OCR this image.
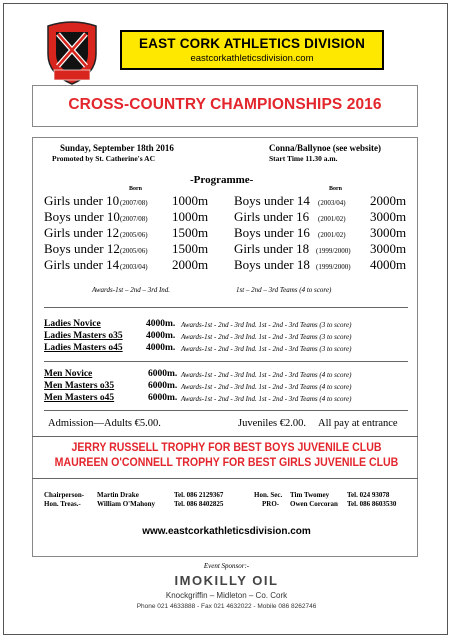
EAST CORK ATHLETICS DIVISION
eastcorkathleticsdivision.com
CROSS-COUNTRY CHAMPIONSHIPS 2016
Sunday, September 18th 2016
Promoted by St. Catherine's AC
Conna/Ballynoe (see website)
Start Time 11.30 a.m.
-Programme-
Born	Born
Girls under 10 (2007/08) 1000m
Boys under 10 (2007/08) 1000m
Girls under 12 (2005/06) 1500m
Boys under 12 (2005/06) 1500m
Girls under 14 (2003/04) 2000m
Boys under 14 (2003/04) 2000m
Girls under 16 (2001/02) 3000m
Boys under 16 (2001/02) 3000m
Girls under 18 (1999/2000) 3000m
Boys under 18 (1999/2000) 4000m
Awards-1st – 2nd – 3rd Ind.	1st – 2nd – 3rd Teams (4 to score)
Ladies Novice	4000m. Awards-1st - 2nd - 3rd Ind. 1st - 2nd - 3rd Teams (3 to score)
Ladies Masters o35 4000m. Awards-1st - 2nd - 3rd Ind. 1st - 2nd - 3rd Teams (3 to score)
Ladies Masters o45 4000m. Awards-1st - 2nd - 3rd Ind. 1st - 2nd - 3rd Teams (3 to score)
Men Novice	6000m. Awards-1st - 2nd - 3rd Ind. 1st - 2nd - 3rd Teams (4 to score)
Men Masters o35	6000m. Awards-1st - 2nd - 3rd Ind. 1st - 2nd - 3rd Teams (4 to score)
Men Masters o45	6000m. Awards-1st - 2nd - 3rd Ind. 1st - 2nd - 3rd Teams (4 to score)
Admission—Adults €5.00.	Juveniles €2.00. All pay at entrance
JERRY RUSSELL TROPHY FOR BEST BOYS JUVENILE CLUB
MAUREEN O'CONNELL TROPHY FOR BEST GIRLS JUVENILE CLUB
Chairperson- Martin Drake	Tel. 086 2129367
Hon. Treas.- William O'Mahony	Tel. 086 8402825
Hon. Sec. Tim Twomey	Tel. 024 93078
PRO- Owen Corcoran Tel. 086 8603530
www.eastcorkathleticsdivision.com
Event Sponsor:-
IMOKILLY OIL
Knockgriffin – Midleton – Co. Cork
Phone 021 4633888 - Fax 021 4632022 - Mobile 086 8262746
